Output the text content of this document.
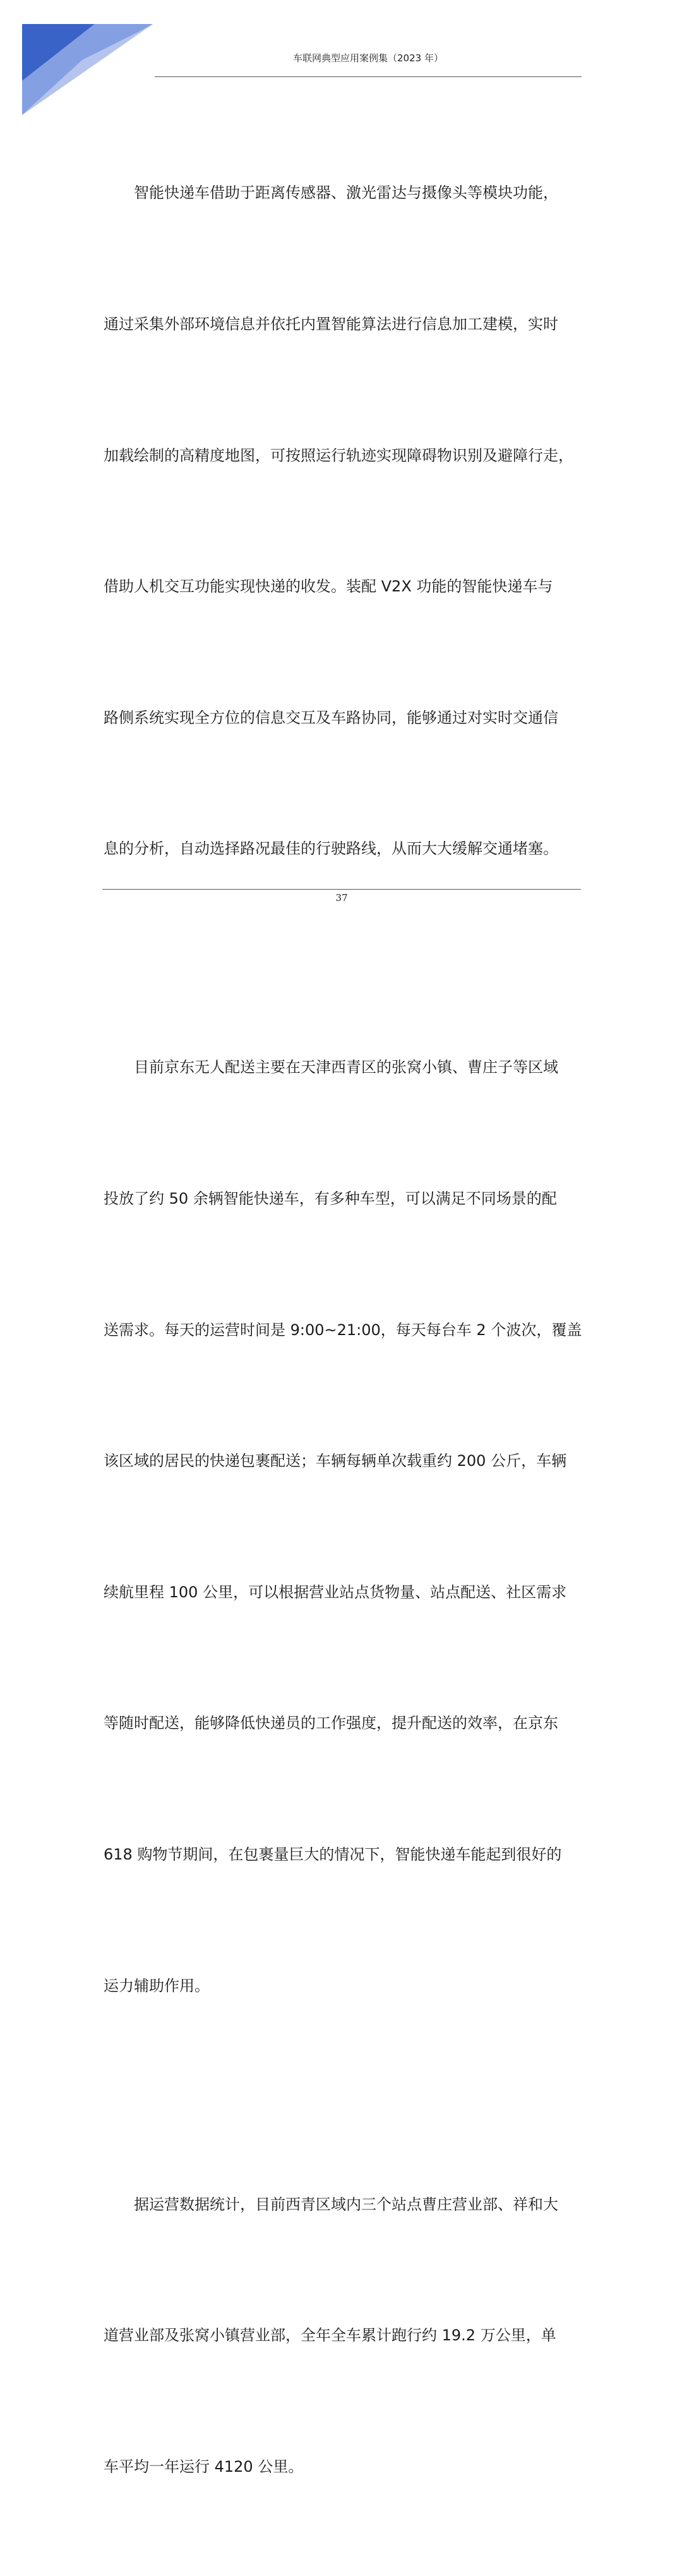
车联网典型应用案例集（2023 年）

　　智能快递车借助于距离传感器、激光雷达与摄像头等模块功能，

通过采集外部环境信息并依托内置智能算法进行信息加工建模，实时

加载绘制的高精度地图，可按照运行轨迹实现障碍物识别及避障行走，

借助人机交互功能实现快递的收发。装配 V2X 功能的智能快递车与

路侧系统实现全方位的信息交互及车路协同，能够通过对实时交通信

息的分析，自动选择路况最佳的行驶路线，从而大大缓解交通堵塞。

　　目前京东无人配送主要在天津西青区的张窝小镇、曹庄子等区域

投放了约 50 余辆智能快递车，有多种车型，可以满足不同场景的配

送需求。每天的运营时间是 9:00~21:00，每天每台车 2 个波次，覆盖

该区域的居民的快递包裹配送；车辆每辆单次载重约 200 公斤，车辆

续航里程 100 公里，可以根据营业站点货物量、站点配送、社区需求

等随时配送，能够降低快递员的工作强度，提升配送的效率，在京东

618 购物节期间，在包裹量巨大的情况下，智能快递车能起到很好的

运力辅助作用。

　　据运营数据统计，目前西青区域内三个站点曹庄营业部、祥和大

道营业部及张窝小镇营业部，全年全车累计跑行约 19.2 万公里，单

车平均一年运行 4120 公里。

37
